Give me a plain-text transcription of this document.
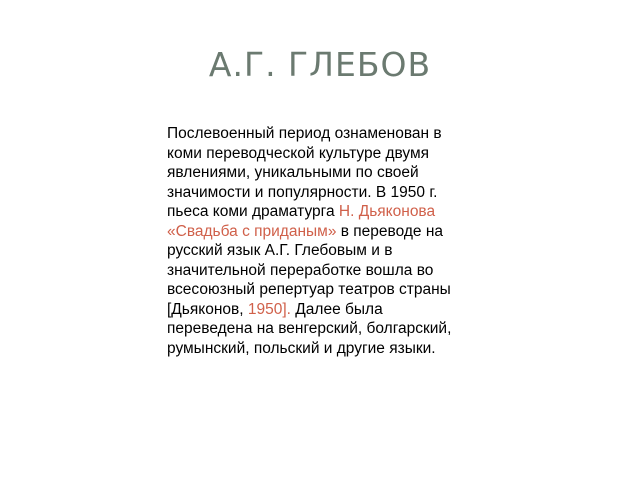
А.Г. ГЛЕБОВ

Послевоенный период ознаменован в коми переводческой культуре двумя явлениями, уникальными по своей значимости и популярности. В 1950 г. пьеса коми драматурга Н. Дьяконова «Свадьба с приданым» в переводе на русский язык А.Г. Глебовым и в значительной переработке вошла во всесоюзный репертуар театров страны [Дьяконов, 1950]. Далее была переведена на венгерский, болгарский, румынский, польский и другие языки.
